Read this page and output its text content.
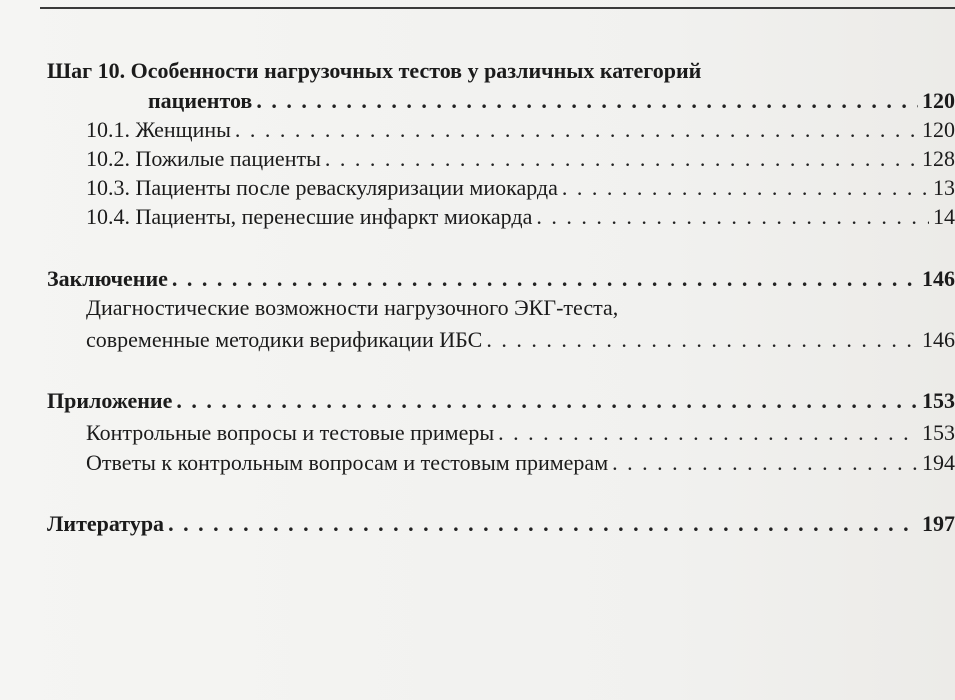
Шаг 10. Особенности нагрузочных тестов у различных категорий
пациентов . . .	120
10.1. Женщины . . .	120
10.2. Пожилые пациенты . . .	128
10.3. Пациенты после реваскуляризации миокарда . . .	13
10.4. Пациенты, перенесшие инфаркт миокарда . . .	14
Заключение . . .	146
Диагностические возможности нагрузочного ЭКГ-теста,
современные методики верификации ИБС . . .	146
Приложение . . .	153
Контрольные вопросы и тестовые примеры . . .	153
Ответы к контрольным вопросам и тестовым примерам . . .	194
Литература . . .	197
